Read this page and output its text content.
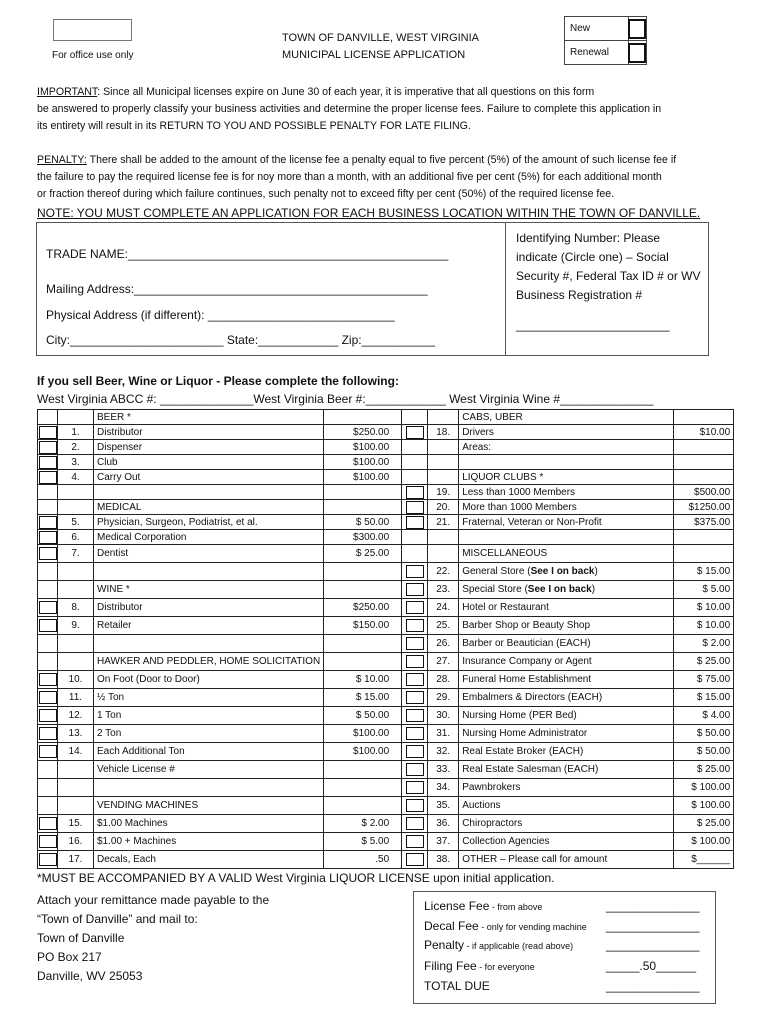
For office use only
TOWN OF DANVILLE, WEST VIRGINIA
MUNICIPAL LICENSE APPLICATION
New	
Renewal	
IMPORTANT: Since all Municipal licenses expire on June 30 of each year, it is imperative that all questions on this form
be answered to properly classify your business activities and determine the proper license fees. Failure to complete this application in
its entirety will result in its RETURN TO YOU AND POSSIBLE PENALTY FOR LATE FILING.
PENALTY: There shall be added to the amount of the license fee a penalty equal to five percent (5%) of the amount of such license fee if
the failure to pay the required license fee is for noy more than a month, with an additional five per cent (5%) for each additional month
or fraction thereof during which failure continues, such penalty not to exceed fifty per cent (50%) of the required license fee.
NOTE: YOU MUST COMPLETE AN APPLICATION FOR EACH BUSINESS LOCATION WITHIN THE TOWN OF DANVILLE.
TRADE NAME:________________________________________________
Mailing Address:____________________________________________
Physical Address (if different): ____________________________
City:_______________________ State:____________ Zip:___________
Identifying Number: Please indicate (Circle one) – Social Security #, Federal Tax ID # or WV Business Registration #
_______________________
If you sell Beer, Wine or Liquor - Please complete the following:
West Virginia ABCC #: ______________West Virginia Beer #:____________ West Virginia Wine #______________
		BEER *				CABS, UBER	
	1.	Distributor	$250.00		18.	Drivers	$10.00
	2.	Dispenser	$100.00			Areas:	
	3.	Club	$100.00				
	4.	Carry Out	$100.00			LIQUOR CLUBS *	
					19.	Less than 1000 Members	$500.00
		MEDICAL			20.	More than 1000 Members	$1250.00
	5.	Physician, Surgeon, Podiatrist, et al.	$ 50.00		21.	Fraternal, Veteran or Non-Profit	$375.00
	6.	Medical Corporation	$300.00				
	7.	Dentist	$ 25.00			MISCELLANEOUS	
					22.	General Store (See I on back)	$ 15.00
		WINE *			23.	Special Store (See I on back)	$ 5.00
	8.	Distributor	$250.00		24.	Hotel or Restaurant	$ 10.00
	9.	Retailer	$150.00		25.	Barber Shop or Beauty Shop	$ 10.00
					26.	Barber or Beautician (EACH)	$ 2.00
		HAWKER AND PEDDLER, HOME SOLICITATION			27.	Insurance Company or Agent	$ 25.00
	10.	On Foot (Door to Door)	$ 10.00		28.	Funeral Home Establishment	$ 75.00
	11.	½ Ton	$ 15.00		29.	Embalmers & Directors (EACH)	$ 15.00
	12.	1 Ton	$ 50.00		30.	Nursing Home (PER Bed)	$ 4.00
	13.	2 Ton	$100.00		31.	Nursing Home Administrator	$ 50.00
	14.	Each Additional Ton	$100.00		32.	Real Estate Broker (EACH)	$ 50.00
		Vehicle License #			33.	Real Estate Salesman (EACH)	$ 25.00
					34.	Pawnbrokers	$ 100.00
		VENDING MACHINES			35.	Auctions	$ 100.00
	15.	$1.00 Machines	$ 2.00		36.	Chiropractors	$ 25.00
	16.	$1.00 + Machines	$ 5.00		37.	Collection Agencies	$ 100.00
	17.	Decals, Each	.50		38.	OTHER – Please call for amount	$______
*MUST BE ACCOMPANIED BY A VALID West Virginia LIQUOR LICENSE upon initial application.
Attach your remittance made payable to the
“Town of Danville” and mail to:
Town of Danville
PO Box 217
Danville, WV 25053
License Fee - from above	______________
Decal Fee - only for vending machine ______________
Penalty - if applicable (read above)	______________
Filing Fee - for everyone	_____.50______
TOTAL DUE	______________
